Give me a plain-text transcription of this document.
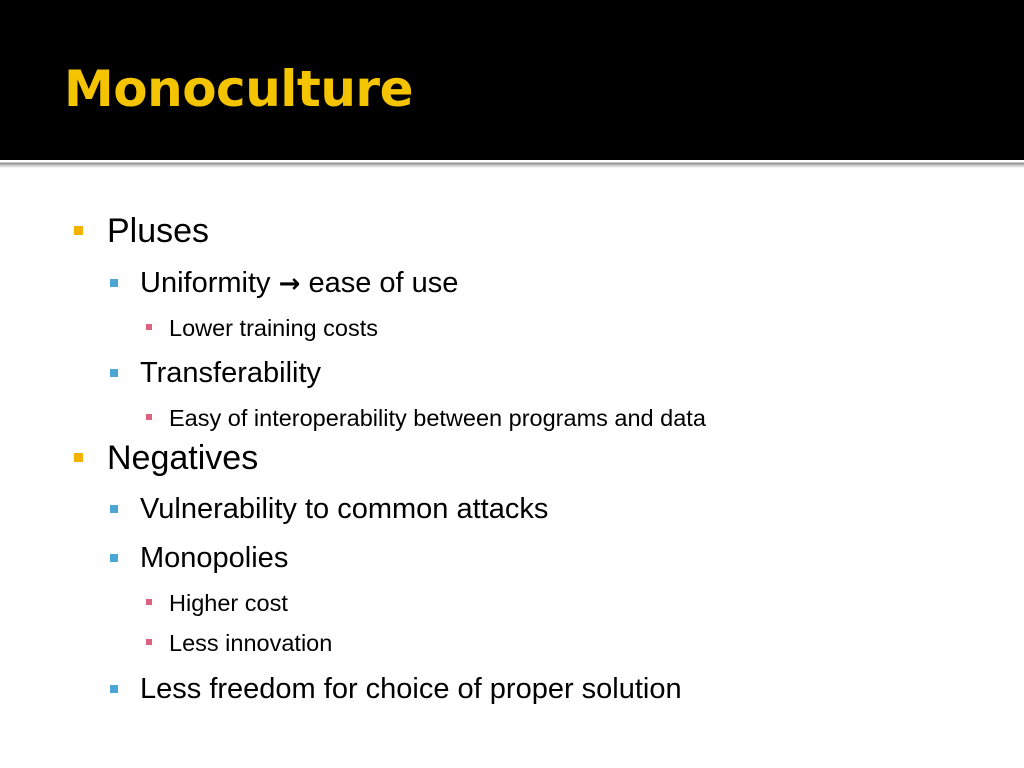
Monoculture
Pluses
Uniformity → ease of use
Lower training costs
Transferability
Easy of interoperability between programs and data
Negatives
Vulnerability to common attacks
Monopolies
Higher cost
Less innovation
Less freedom for choice of proper solution
